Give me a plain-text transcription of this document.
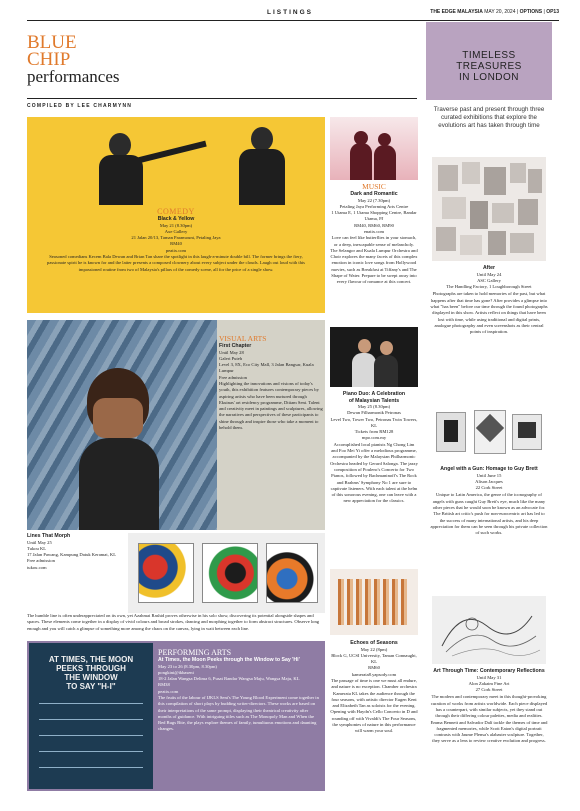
LISTINGS	THE EDGE MALAYSIA MAY 20, 2024 | OPTIONS | OP13
BLUE
CHIP
performances
COMPILED BY LEE CHARMYNN
TIMELESS
TREASURES
IN LONDON
Traverse past and present through three curated exhibitions that explore the evolutions art has taken through time
After
Until May 24
ASC Gallery
The Handling Factory, 1 Loughborough Street
Photographs are taken to hold memories of the past, but what happens after that time has gone? After provides a glimpse into what "has been" before our time through the found photographs displayed in this show. Artists reflect on things that have been lost with time, while using traditional and digital prints, analogue photography and even screenshots as their central points of inspiration.
Angel with a Gun: Homage to Guy Brett
Until June 15
Alison Jacques
22 Cork Street
Unique to Latin America, the genre of the iconography of angels with guns caught Guy Brett's eye, much like the many other pieces that he would soon be known as an advocate for. The British art critic's push for non-eurocentric art has led to the success of many international artists, and his deep appreciation for them can be seen through his private collection of such works.
Art Through Time: Contemporary Reflections
Until May 31
Alon Zakaim Fine Art
27 Cork Street
The modern and contemporary meet in this thought-provoking curation of works from artists worldwide. Each piece displayed has a counterpart, with similar subjects, yet they stand out through their differing colour palettes, media and realities. Emma Bennett and Salvador Dalí tackle the themes of time and fragmented memories, while Scott Eaton's digital portrait contrasts with Jaume Plensa's alabaster sculpture. Together, they serve as a lens to review creative evolution and progress.
COMEDY
Black & Yellow
May 21 (8.30pm)
Axe Gallery
21 Jalan 20/13, Taman Paramount, Petaling Jaya
RM40
peatix.com
Seasoned comedians Kecem Bala Dewan and Brian Tan share the spotlight in this laugh-a-minute double bill. The former brings the fiery, passionate spirit he is known for and the latter presents a composed clownery about every subject under the clouds. Laugh out loud with this impassioned routine from two of Malaysia's pillars of the comedy scene, all for the price of a single show.
MUSIC
Dark and Romantic
May 22 (7.30pm)
Petaling Jaya Performing Arts Centre
1 Utama E, 1 Utama Shopping Centre, Bandar Utama, PJ
RM40, RM60, RM90
enatix.com
Love can feel like butterflies in your stomach, or a deep, inescapable sense of melancholy. The Selangor and Kuala Lumpur Orchestra and Choir explores the many facets of this complex emotion in iconic love songs from Hollywood movies, such as Breakfast at Tiffany's and The Shape of Water. Prepare to be swept away into every flavour of romance at this concert.
VISUAL ARTS
First Chapter
Until May 28
Galeri Puteh
Level 3, 8X, Eco City Mall, 3 Jalan Bangsar, Kuala Lumpur
Free admission
Highlighting the innovations and visions of today's youth, this exhibition features contemporary pieces by aspiring artists who have been nurtured through Ekuinas' art residency programme, Ditiam Seni. Talent and creativity meet in paintings and sculptures, allowing the narratives and perspectives of these participants to shine through and inspire those who take a moment to behold them.
Piano Duo: A Celebration
of Malaysian Talents
May 25 (8.30pm)
Dewan Filharmonik Petronas
Level Two, Tower Two, Petronas Twin Towers, KL
Tickets from RM128
mpo.com.my
Accomplished local pianists Ng Chong Lim and Foo Mei Yi offer a melodious programme, accompanied by the Malaysian Philharmonic Orchestra headed by Gerard Salonga. The jazzy composition of Poulenc's Concerto for Two Pianos, followed by Bachmaninoff's The Rock and Brahms' Symphony No 1 are sure to captivate listeners. With each talent at the helm of this sonorous evening, one can leave with a new appreciation for the classics.
Lines That Morph
Until May 25
Tukou KL
17 Jalan Pawang, Kampung Datuk Keramat, KL
Free admission
tukou.com
The humble line is often underappreciated on its own, yet Azahmai Rashid proves otherwise in his solo show, discovering its potential alongside shapes and spaces. These elements come together in a display of vivid colours and broad strokes, dancing and morphing together to form abstract structures. Observe long enough and you will catch a glimpse of something more among the chaos on the canvas, lying in wait between each line.
AT TIMES, THE MOON
PEEKS THROUGH
THE WINDOW
TO SAY "H-I"
PERFORMING ARTS
At Times, the Moon Peeks through the Window to Say 'Hi'
May 23 to 26 (8.30pm, 8.30pm)
pongkini@ikbaseni
18-2 Jalan Wangsa Delima 6, Pusat Bandar Wangsa Maju, Wangsa Maju, KL
RM38
peatix.com
The fruits of the labour of IJKLS Seni's The Young Blood Experiment come together in this compilation of short plays by budding writer-directors. These works are based on their interpretations of the same prompt, displaying their theatrical creativity after months of guidance. With intriguing titles such as The Monopoly Man and When the Bed Bugs Bite, the plays explore themes of family, tumultuous emotions and daunting changes.
Echoes of Seasons
May 22 (8pm)
Block G, UCSI University, Taman Connaught, KL
RM60
kamerata8.yapsody.com
The passage of time is one we must all endure, and nature is no exception. Chamber orchestra Kamerata KL takes the audience through the four seasons, with artistic director Eugen Kent and Elizabeth Tan as soloists for the evening. Opening with Haydn's Cello Concerto in D and rounding off with Vivaldi's The Four Seasons, the symphonies of nature in this performance will warm your soul.
